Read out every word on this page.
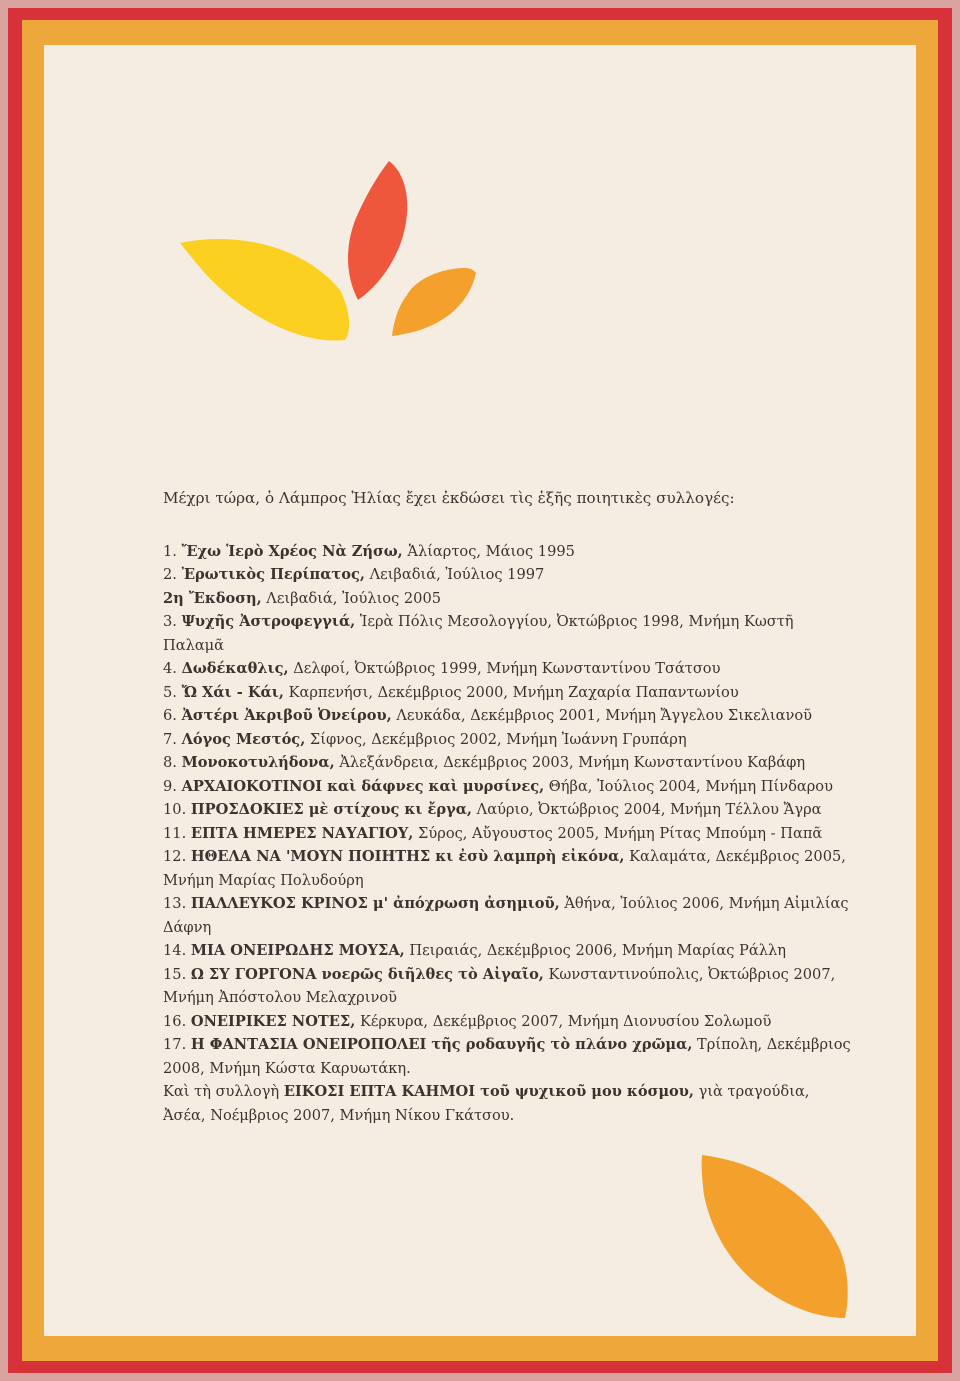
Μέχρι τώρα, ὁ Λάμπρος Ἠλίας ἔχει ἐκδώσει τὶς ἑξῆς ποιητικὲς συλλογές:

1. Ἔχω Ἱερὸ Χρέος Νὰ Ζήσω, Ἁλίαρτος, Μάιος 1995
2. Ἐρωτικὸς Περίπατος, Λειβαδιά, Ἰούλιος 1997
2η Ἔκδοση, Λειβαδιά, Ἰούλιος 2005
3. Ψυχῆς Ἀστροφεγγιά, Ἱερὰ Πόλις Μεσολογγίου, Ὀκτώβριος 1998, Μνήμη Κωστῆ Παλαμᾶ
4. Δωδέκαθλις, Δελφοί, Ὀκτώβριος 1999, Μνήμη Κωνσταντίνου Τσάτσου
5. Ὤ Χάι - Κάι, Καρπενήσι, Δεκέμβριος 2000, Μνήμη Ζαχαρία Παπαντωνίου
6. Ἀστέρι Ἀκριβοῦ Ὀνείρου, Λευκάδα, Δεκέμβριος 2001, Μνήμη Ἄγγελου Σικελιανοῦ
7. Λόγος Μεστός, Σίφνος, Δεκέμβριος 2002, Μνήμη Ἰωάννη Γρυπάρη
8. Μονοκοτυλήδονα, Ἀλεξάνδρεια, Δεκέμβριος 2003, Μνήμη Κωνσταντίνου Καβάφη
9. ΑΡΧΑΙΟΚΟΤΙΝΟΙ καὶ δάφνες καὶ μυρσίνες, Θήβα, Ἰούλιος 2004, Μνήμη Πίνδαρου
10. ΠΡΟΣΔΟΚΙΕΣ μὲ στίχους κι ἔργα, Λαύριο, Ὀκτώβριος 2004, Μνήμη Τέλλου Ἄγρα
11. ΕΠΤΑ ΗΜΕΡΕΣ ΝΑΥΑΓΙΟΥ, Σύρος, Αὔγουστος 2005, Μνήμη Ρίτας Μπούμη - Παπᾶ
12. ΗΘΕΛΑ ΝΑ 'ΜΟΥΝ ΠΟΙΗΤΗΣ κι ἐσὺ λαμπρὴ εἰκόνα, Καλαμάτα, Δεκέμβριος 2005, Μνήμη Μαρίας Πολυδούρη
13. ΠΑΛΛΕΥΚΟΣ ΚΡΙΝΟΣ μ' ἀπόχρωση ἀσημιοῦ, Ἀθήνα, Ἰούλιος 2006, Μνήμη Αἰμιλίας Δάφνη
14. ΜΙΑ ΟΝΕΙΡΩΔΗΣ ΜΟΥΣΑ, Πειραιάς, Δεκέμβριος 2006, Μνήμη Μαρίας Ράλλη
15. Ω ΣΥ ΓΟΡΓΟΝΑ νοερῶς διῆλθες τὸ Αἰγαῖο, Κωνσταντινούπολις, Ὀκτώβριος 2007, Μνήμη Ἀπόστολου Μελαχρινοῦ
16. ΟΝΕΙΡΙΚΕΣ ΝΟΤΕΣ, Κέρκυρα, Δεκέμβριος 2007, Μνήμη Διονυσίου Σολωμοῦ
17. Η ΦΑΝΤΑΣΙΑ ΟΝΕΙΡΟΠΟΛΕΙ τῆς ροδαυγῆς τὸ πλάνο χρῶμα, Τρίπολη, Δεκέμβριος 2008, Μνήμη Κώστα Καρυωτάκη.
Καὶ τὴ συλλογὴ ΕΙΚΟΣΙ ΕΠΤΑ ΚΑΗΜΟΙ τοῦ ψυχικοῦ μου κόσμου, γιὰ τραγούδια, Ἀσέα, Νοέμβριος 2007, Μνήμη Νίκου Γκάτσου.
